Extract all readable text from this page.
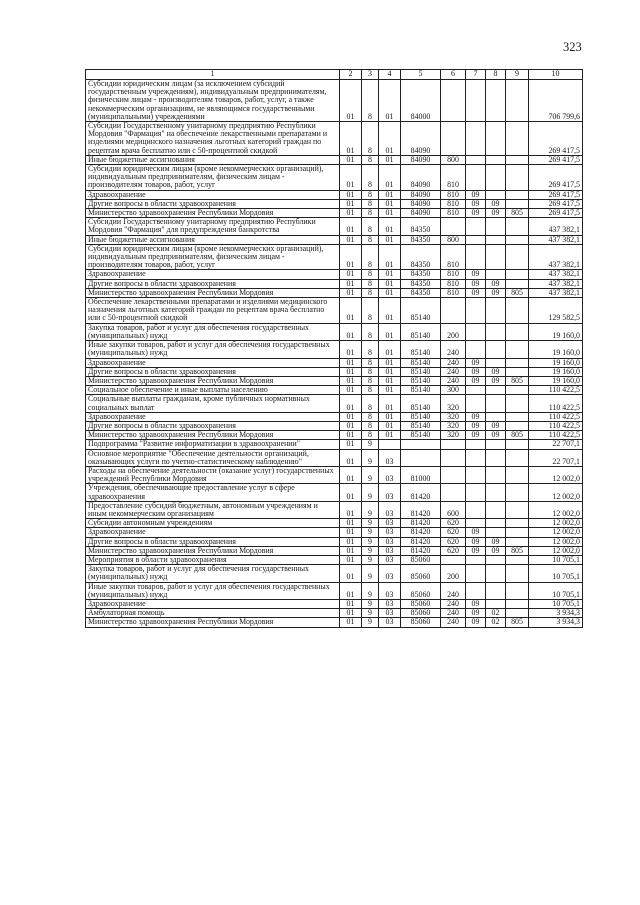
323
1	2	3	4	5	6	7	8	9	10
Субсидии юридическим лицам (за исключением субсидий государственным учреждениям), индивидуальным предпринимателям, физическим лицам - производителям товаров, работ, услуг, а также некоммерческим организациям, не являющимся государственными (муниципальными) учреждениями	01	8	01	84000					706 799,6
Субсидии Государственному унитарному предприятию Республики Мордовия "Фармация" на обеспечение лекарственными препаратами и изделиями медицинского назначения льготных категорий граждан по рецептам врача бесплатно или с 50-процентной скидкой	01	8	01	84090					269 417,5
Иные бюджетные ассигнования	01	8	01	84090	800				269 417,5
Субсидии юридическим лицам (кроме некоммерческих организаций), индивидуальным предпринимателям, физическим лицам - производителям товаров, работ, услуг	01	8	01	84090	810				269 417,5
Здравоохранение	01	8	01	84090	810	09			269 417,5
Другие вопросы в области здравоохранения	01	8	01	84090	810	09	09		269 417,5
Министерство здравоохранения Республики Мордовия	01	8	01	84090	810	09	09	805	269 417,5
Субсидии Государственному унитарному предприятию Республики Мордовия "Фармация" для предупреждения банкротства	01	8	01	84350					437 382,1
Иные бюджетные ассигнования	01	8	01	84350	800				437 382,1
Субсидии юридическим лицам (кроме некоммерческих организаций), индивидуальным предпринимателям, физическим лицам - производителям товаров, работ, услуг	01	8	01	84350	810				437 382,1
Здравоохранение	01	8	01	84350	810	09			437 382,1
Другие вопросы в области здравоохранения	01	8	01	84350	810	09	09		437 382,1
Министерство здравоохранения Республики Мордовия	01	8	01	84350	810	09	09	805	437 382,1
Обеспечение лекарственными препаратами и изделиями медицинского назначения льготных категорий граждан по рецептам врача бесплатно или с 50-процентной скидкой	01	8	01	85140					129 582,5
Закупка товаров, работ и услуг для обеспечения государственных (муниципальных) нужд	01	8	01	85140	200				19 160,0
Иные закупки товаров, работ и услуг для обеспечения государственных (муниципальных) нужд	01	8	01	85140	240				19 160,0
Здравоохранение	01	8	01	85140	240	09			19 160,0
Другие вопросы в области здравоохранения	01	8	01	85140	240	09	09		19 160,0
Министерство здравоохранения Республики Мордовия	01	8	01	85140	240	09	09	805	19 160,0
Социальное обеспечение и иные выплаты населению	01	8	01	85140	300				110 422,5
Социальные выплаты гражданам, кроме публичных нормативных социальных выплат	01	8	01	85140	320				110 422,5
Здравоохранение	01	8	01	85140	320	09			110 422,5
Другие вопросы в области здравоохранения	01	8	01	85140	320	09	09		110 422,5
Министерство здравоохранения Республики Мордовия	01	8	01	85140	320	09	09	805	110 422,5
Подпрограмма "Развитие информатизации в здравоохранении"	01	9							22 707,1
Основное мероприятие "Обеспечение деятельности организаций, оказывающих услуги по учетно-статистическому наблюдению"	01	9	03						22 707,1
Расходы на обеспечение деятельности (оказание услуг) государственных учреждений Республики Мордовия	01	9	03	81000					12 002,0
Учреждения, обеспечивающие предоставление услуг в сфере здравоохранения	01	9	03	81420					12 002,0
Предоставление субсидий бюджетным, автономным учреждениям и иным некоммерческим организациям	01	9	03	81420	600				12 002,0
Субсидии автономным учреждениям	01	9	03	81420	620				12 002,0
Здравоохранение	01	9	03	81420	620	09			12 002,0
Другие вопросы в области здравоохранения	01	9	03	81420	620	09	09		12 002,0
Министерство здравоохранения Республики Мордовия	01	9	03	81420	620	09	09	805	12 002,0
Мероприятия в области здравоохранения	01	9	03	85060					10 705,1
Закупка товаров, работ и услуг для обеспечения государственных (муниципальных) нужд	01	9	03	85060	200				10 705,1
Иные закупки товаров, работ и услуг для обеспечения государственных (муниципальных) нужд	01	9	03	85060	240				10 705,1
Здравоохранение	01	9	03	85060	240	09			10 705,1
Амбулаторная помощь	01	9	03	85060	240	09	02		3 934,3
Министерство здравоохранения Республики Мордовия	01	9	03	85060	240	09	02	805	3 934,3
